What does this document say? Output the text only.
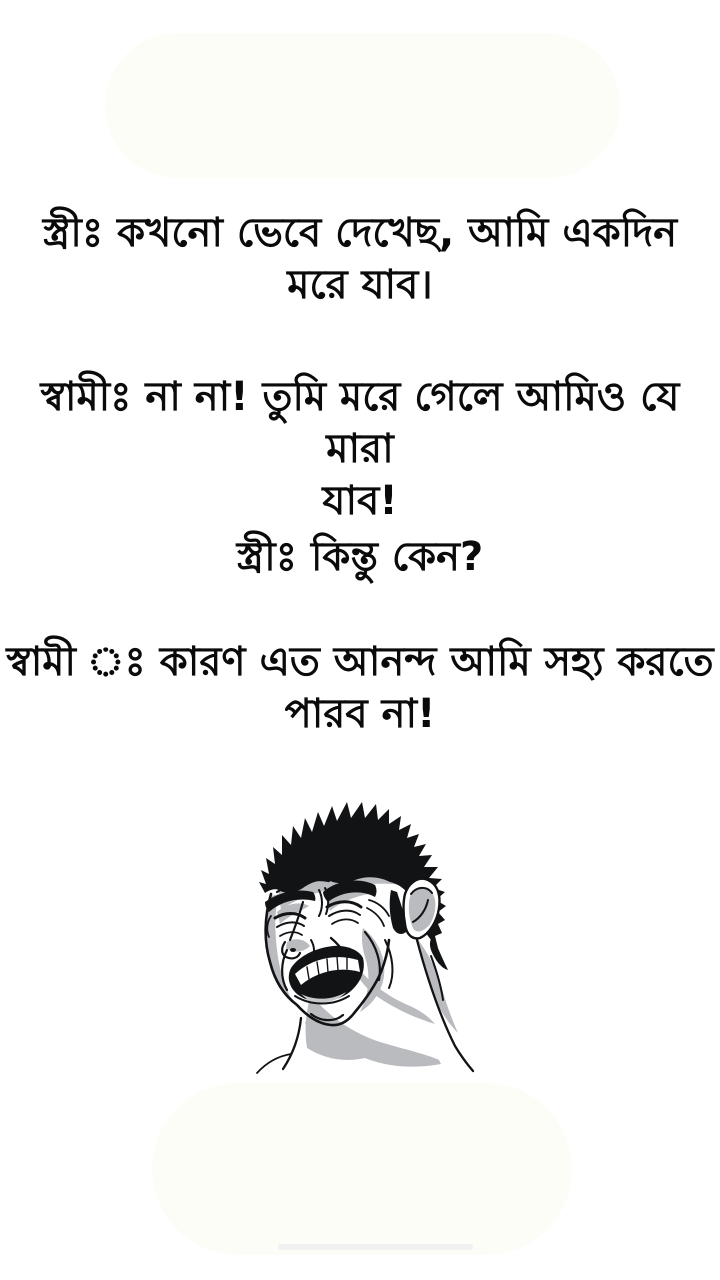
স্ত্রীঃ কখনো ভেবে দেখেছ, আমি একদিন
মরে যাব।
স্বামীঃ না না! তুমি মরে গেলে আমিও যে মারা
যাব!
স্ত্রীঃ কিন্তু কেন?
স্বামী ঃ কারণ এত আনন্দ আমি সহ্য করতে
পারব না!
